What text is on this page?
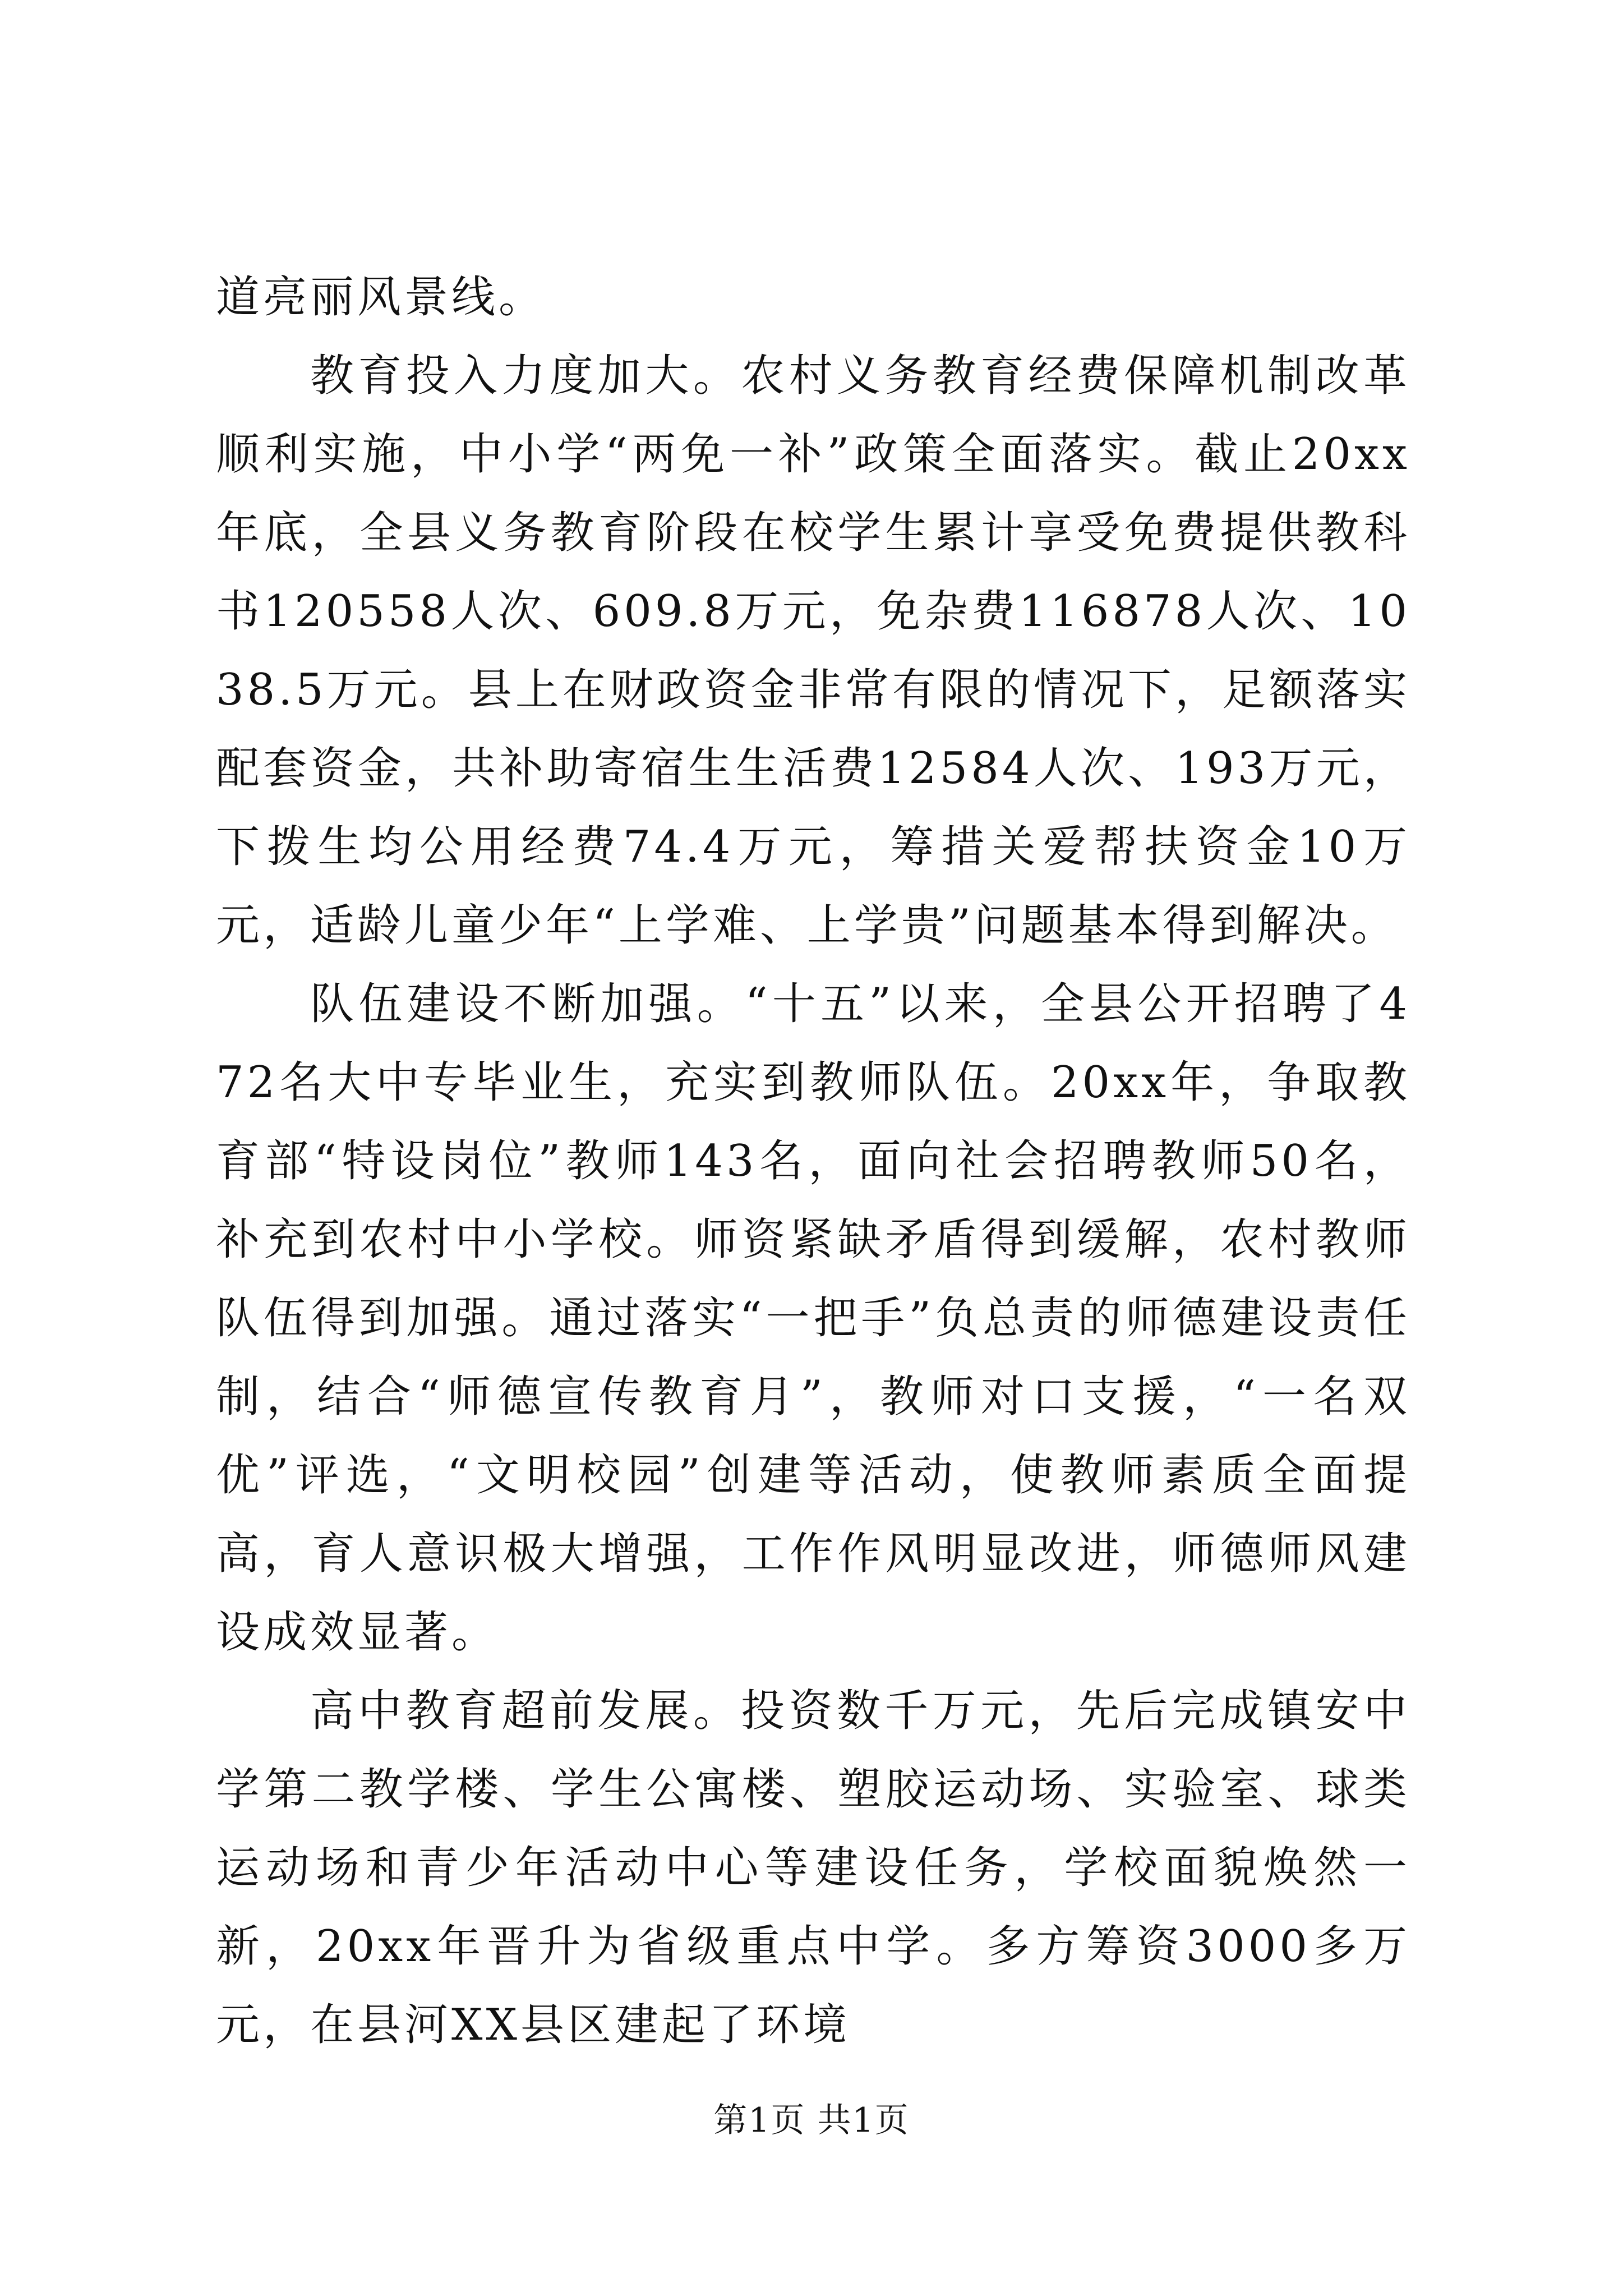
道亮丽风景线。

教育投入力度加大。农村义务教育经费保障机制改革顺利实施，中小学“两免一补”政策全面落实。截止20xx年底，全县义务教育阶段在校学生累计享受免费提供教科书120558人次、609.8万元，免杂费116878人次、1038.5万元。县上在财政资金非常有限的情况下，足额落实配套资金，共补助寄宿生生活费12584人次、193万元，下拨生均公用经费74.4万元，筹措关爱帮扶资金10万元，适龄儿童少年“上学难、上学贵”问题基本得到解决。

队伍建设不断加强。“十五”以来，全县公开招聘了472名大中专毕业生，充实到教师队伍。20xx年，争取教育部“特设岗位”教师143名，面向社会招聘教师50名，补充到农村中小学校。师资紧缺矛盾得到缓解，农村教师队伍得到加强。通过落实“一把手”负总责的师德建设责任制，结合“师德宣传教育月”，教师对口支援，“一名双优”评选，“文明校园”创建等活动，使教师素质全面提高，育人意识极大增强，工作作风明显改进，师德师风建设成效显著。

高中教育超前发展。投资数千万元，先后完成镇安中学第二教学楼、学生公寓楼、塑胶运动场、实验室、球类运动场和青少年活动中心等建设任务，学校面貌焕然一新，20xx年晋升为省级重点中学。多方筹资3000多万元，在县河XX县区建起了环境

第1页 共1页
